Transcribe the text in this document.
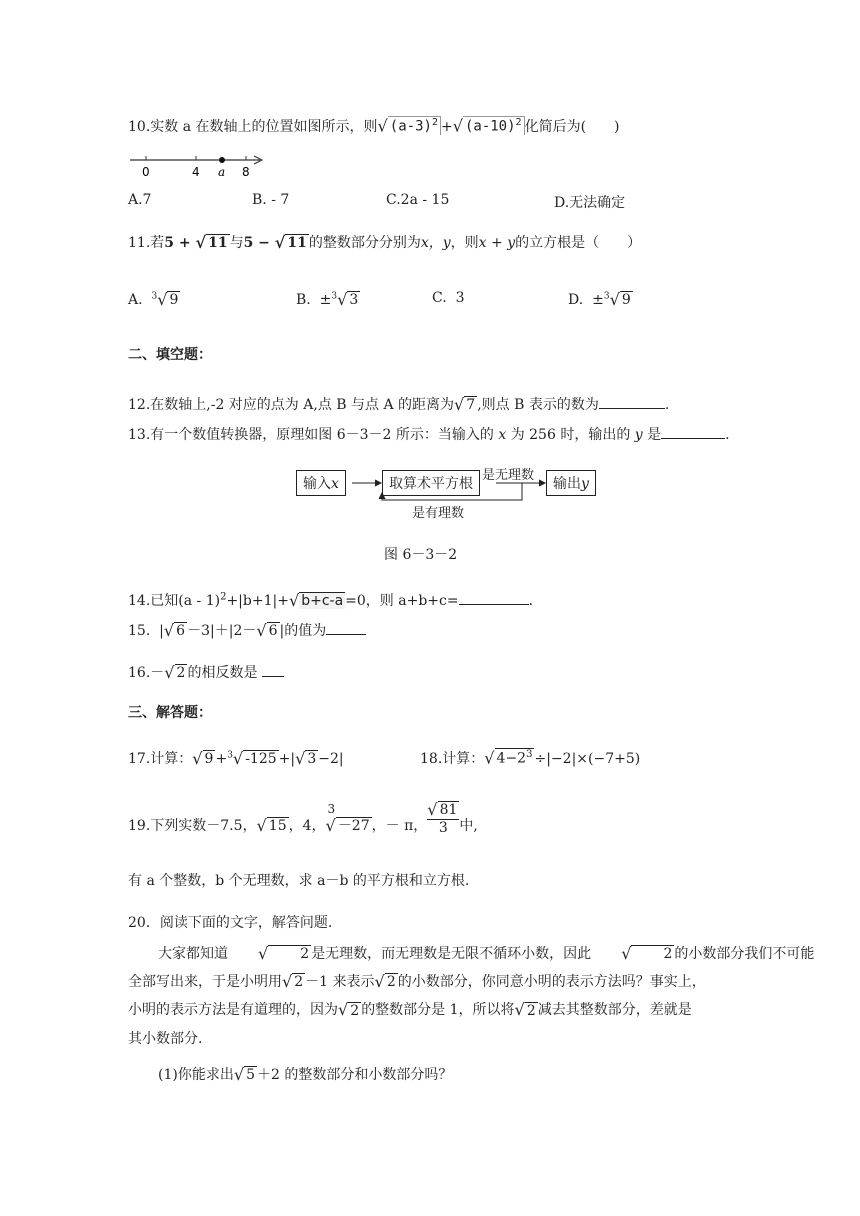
10.实数 a 在数轴上的位置如图所示，则√ $(a-3)^2$ +√ $(a-10)^2$ 化简后为(　　)
0	4 a 8
A.7	B. - 7	C.2a - 15	D.无法确定
11.若5 + √ 11 与5 − √ 11 的整数部分分别为x，y，则x + y的立方根是（　　）
A. $^3$√ 9	B. ±$^3$√ 3	C. 3	D. ±$^3$√ 9
二、填空题：
12.在数轴上,-2 对应的点为 A,点 B 与点 A 的距离为√ 7 ,则点 B 表示的数为	.
13.有一个数值转换器，原理如图 6－3－2 所示：当输入的 x 为 256 时，输出的 y 是	.
输入x	取算术平方根	输出y
是无理数
是有理数
图 6－3－2
14.已知(a - 1)$^2$+|b+1|+√ b+c-a =0，则 a+b+c=	.
15.  |√ 6 －3|＋|2－√ 6 |的值为
16.－√ 2 的相反数是
三、解答题：
17.计算：√ 9 +$^3$√ -125 +|√ 3 −2|	18.计算：√ $4-2^3 \div|-2|\times(-7+5)$
19.下列实数－7.5，√ 15 ，4，
3
√ －27 ，－ π， $\frac{√ 81}{3}$ 中,
有 a 个整数，b 个无理数，求 a－b 的平方根和立方根.
20．阅读下面的文字，解答问题.
大家都知道 √ 2 是无理数，而无理数是无限不循环小数，因此 √ 2 的小数部分我们不可能
全部写出来，于是小明用√ 2 －1 来表示√ 2 的小数部分，你同意小明的表示方法吗？事实上，
小明的表示方法是有道理的，因为√ 2 的整数部分是 1，所以将√ 2 减去其整数部分，差就是
其小数部分.
(1)你能求出√ 5 ＋2 的整数部分和小数部分吗？
